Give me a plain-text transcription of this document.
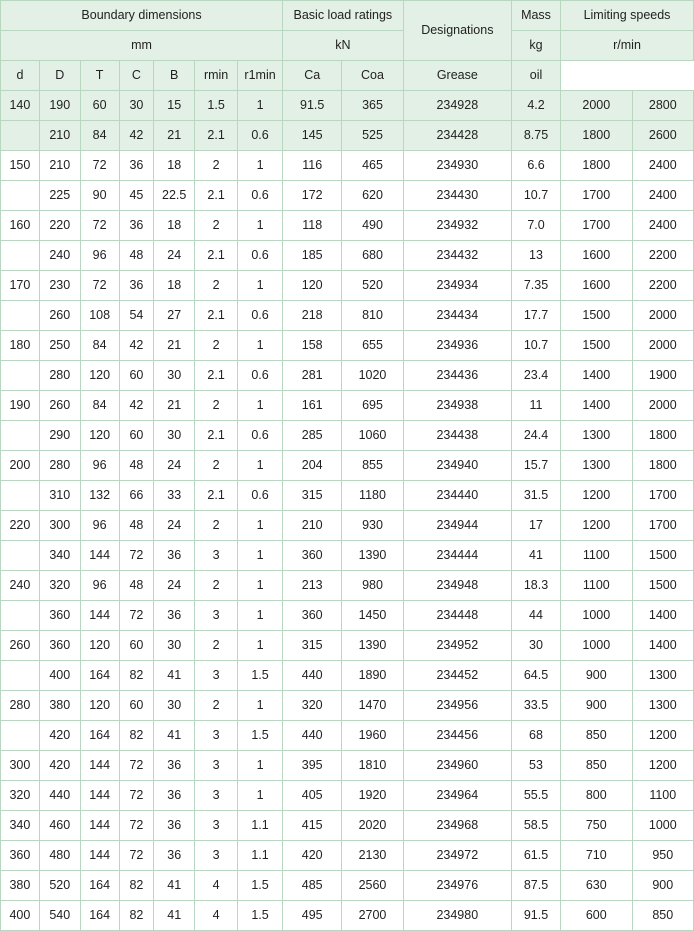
Boundary dimensions							Basic load ratings		Designations	Mass	Limiting speeds	
mm							kN			kg	r/min	
d	D	T	C	B	rmin	r1min	Ca	Coa	Grease	oil		
140	190	60	30	15	1.5	1	91.5	365	234928	4.2	2000	2800
	210	84	42	21	2.1	0.6	145	525	234428	8.75	1800	2600
150	210	72	36	18	2	1	116	465	234930	6.6	1800	2400
	225	90	45	22.5	2.1	0.6	172	620	234430	10.7	1700	2400
160	220	72	36	18	2	1	118	490	234932	7.0	1700	2400
	240	96	48	24	2.1	0.6	185	680	234432	13	1600	2200
170	230	72	36	18	2	1	120	520	234934	7.35	1600	2200
	260	108	54	27	2.1	0.6	218	810	234434	17.7	1500	2000
180	250	84	42	21	2	1	158	655	234936	10.7	1500	2000
	280	120	60	30	2.1	0.6	281	1020	234436	23.4	1400	1900
190	260	84	42	21	2	1	161	695	234938	11	1400	2000
	290	120	60	30	2.1	0.6	285	1060	234438	24.4	1300	1800
200	280	96	48	24	2	1	204	855	234940	15.7	1300	1800
	310	132	66	33	2.1	0.6	315	1180	234440	31.5	1200	1700
220	300	96	48	24	2	1	210	930	234944	17	1200	1700
	340	144	72	36	3	1	360	1390	234444	41	1100	1500
240	320	96	48	24	2	1	213	980	234948	18.3	1100	1500
	360	144	72	36	3	1	360	1450	234448	44	1000	1400
260	360	120	60	30	2	1	315	1390	234952	30	1000	1400
	400	164	82	41	3	1.5	440	1890	234452	64.5	900	1300
280	380	120	60	30	2	1	320	1470	234956	33.5	900	1300
	420	164	82	41	3	1.5	440	1960	234456	68	850	1200
300	420	144	72	36	3	1	395	1810	234960	53	850	1200
320	440	144	72	36	3	1	405	1920	234964	55.5	800	1100
340	460	144	72	36	3	1.1	415	2020	234968	58.5	750	1000
360	480	144	72	36	3	1.1	420	2130	234972	61.5	710	950
380	520	164	82	41	4	1.5	485	2560	234976	87.5	630	900
400	540	164	82	41	4	1.5	495	2700	234980	91.5	600	850
